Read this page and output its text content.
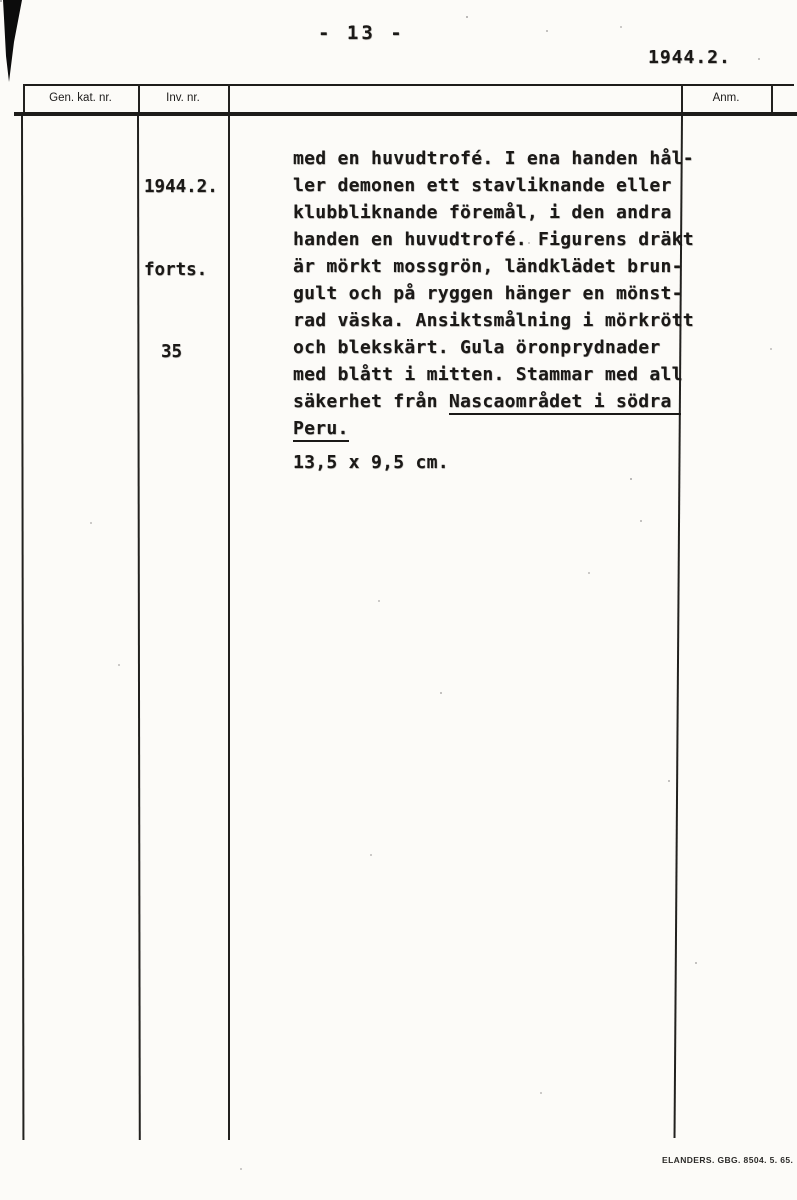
- 13 -
1944.2.
Gen. kat. nr.	Inv. nr.	Anm.

1944.2.

forts.

35

med en huvudtrofé. I ena handen hål-
ler demonen ett stavliknande eller
klubbliknande föremål, i den andra
handen en huvudtrofé. Figurens dräkt
är mörkt mossgrön, ländklädet brun-
gult och på ryggen hänger en mönst-
rad väska. Ansiktsmålning i mörkrött
och blekskärt. Gula öronprydnader
med blått i mitten. Stammar med all
säkerhet från Nascaområdet i södra
Peru.
13,5 x 9,5 cm.
ELANDERS. GBG. 8504. 5. 65.
